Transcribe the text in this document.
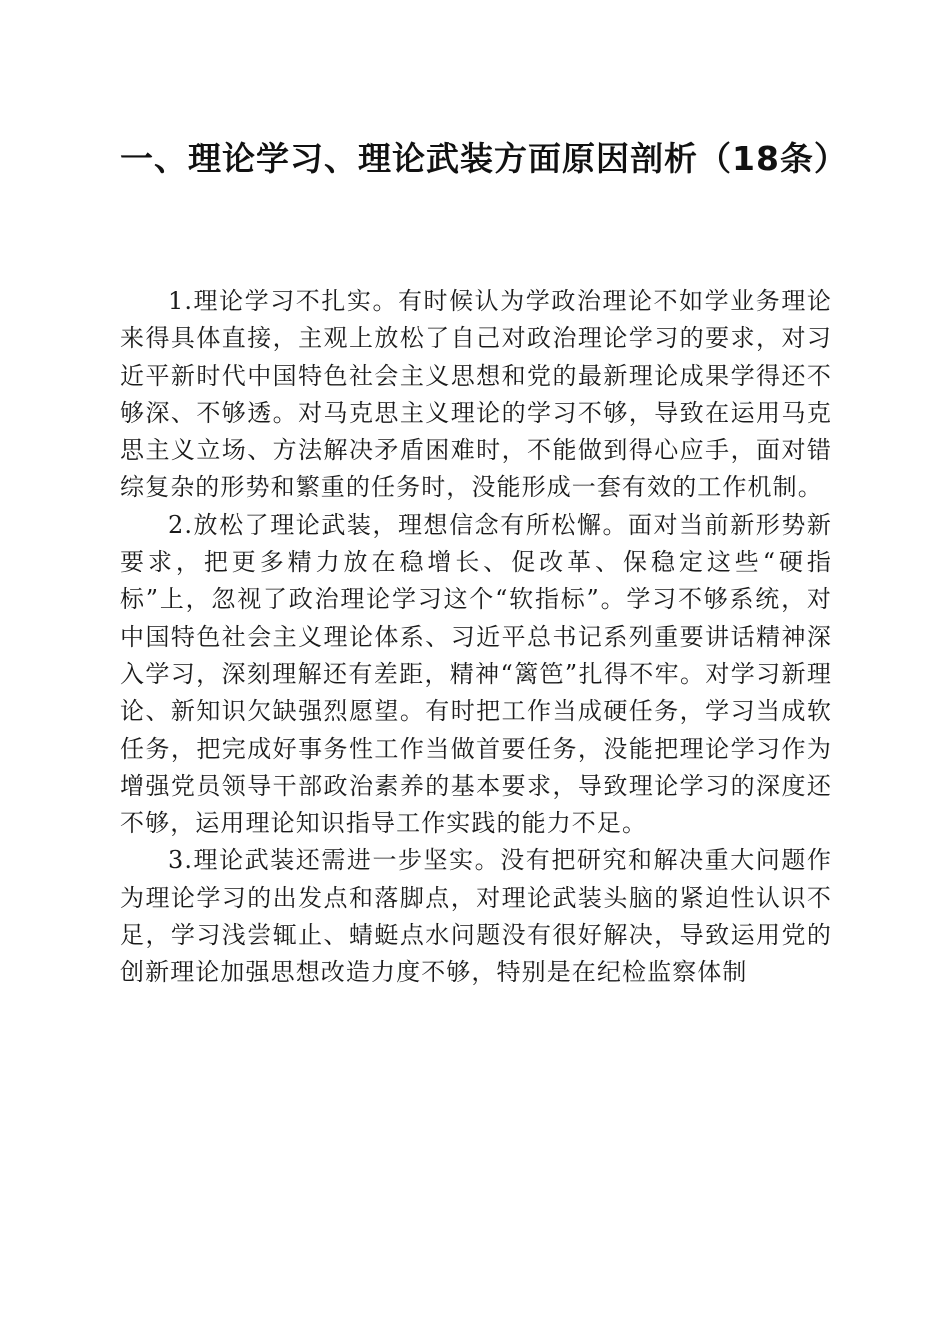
一、理论学习、理论武装方面原因剖析（18条）

1.理论学习不扎实。有时候认为学政治理论不如学业务理论来得具体直接，主观上放松了自己对政治理论学习的要求，对习近平新时代中国特色社会主义思想和党的最新理论成果学得还不够深、不够透。对马克思主义理论的学习不够，导致在运用马克思主义立场、方法解决矛盾困难时，不能做到得心应手，面对错综复杂的形势和繁重的任务时，没能形成一套有效的工作机制。

2.放松了理论武装，理想信念有所松懈。面对当前新形势新要求，把更多精力放在稳增长、促改革、保稳定这些“硬指标”上，忽视了政治理论学习这个“软指标”。学习不够系统，对中国特色社会主义理论体系、习近平总书记系列重要讲话精神深入学习，深刻理解还有差距，精神“篱笆”扎得不牢。对学习新理论、新知识欠缺强烈愿望。有时把工作当成硬任务，学习当成软任务，把完成好事务性工作当做首要任务，没能把理论学习作为增强党员领导干部政治素养的基本要求，导致理论学习的深度还不够，运用理论知识指导工作实践的能力不足。

3.理论武装还需进一步坚实。没有把研究和解决重大问题作为理论学习的出发点和落脚点，对理论武装头脑的紧迫性认识不足，学习浅尝辄止、蜻蜓点水问题没有很好解决，导致运用党的创新理论加强思想改造力度不够，特别是在纪检监察体制
